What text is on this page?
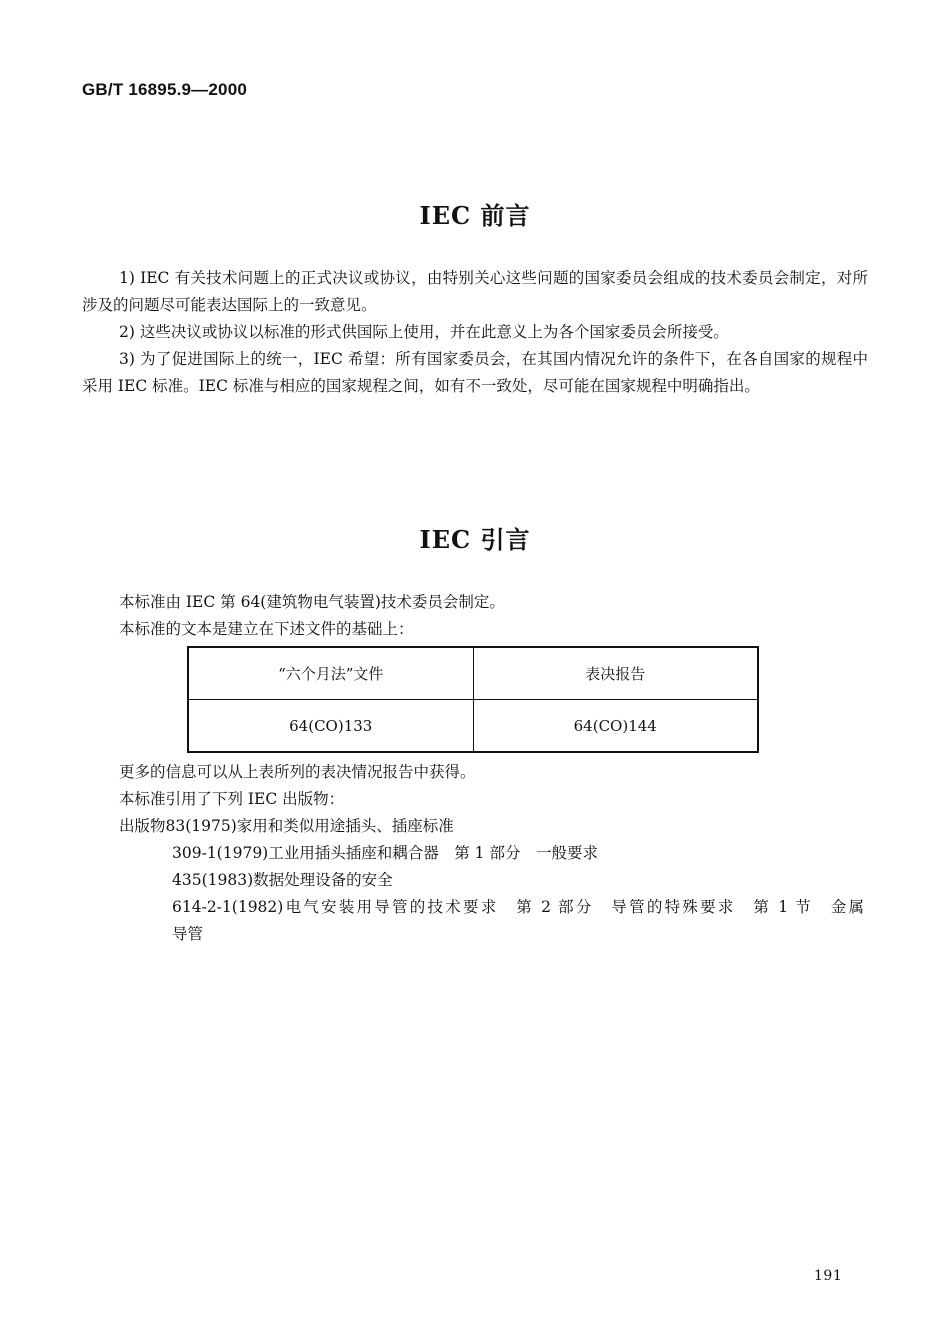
GB/T 16895.9—2000
IEC 前言
1) IEC 有关技术问题上的正式决议或协议，由特别关心这些问题的国家委员会组成的技术委员会制定，对所涉及的问题尽可能表达国际上的一致意见。
2) 这些决议或协议以标准的形式供国际上使用，并在此意义上为各个国家委员会所接受。
3) 为了促进国际上的统一，IEC 希望：所有国家委员会，在其国内情况允许的条件下，在各自国家的规程中采用 IEC 标准。IEC 标准与相应的国家规程之间，如有不一致处，尽可能在国家规程中明确指出。
IEC 引言
本标准由 IEC 第 64(建筑物电气装置)技术委员会制定。
本标准的文本是建立在下述文件的基础上：
“六个月法”文件	表决报告
64(CO)133	64(CO)144
更多的信息可以从上表所列的表决情况报告中获得。
本标准引用了下列 IEC 出版物：
出版物83(1975)家用和类似用途插头、插座标准
309-1(1979)工业用插头插座和耦合器　第 1 部分　一般要求
435(1983)数据处理设备的安全
614-2-1(1982)电气安装用导管的技术要求　第 2 部分　导管的特殊要求　第 1 节　金属
导管
191
